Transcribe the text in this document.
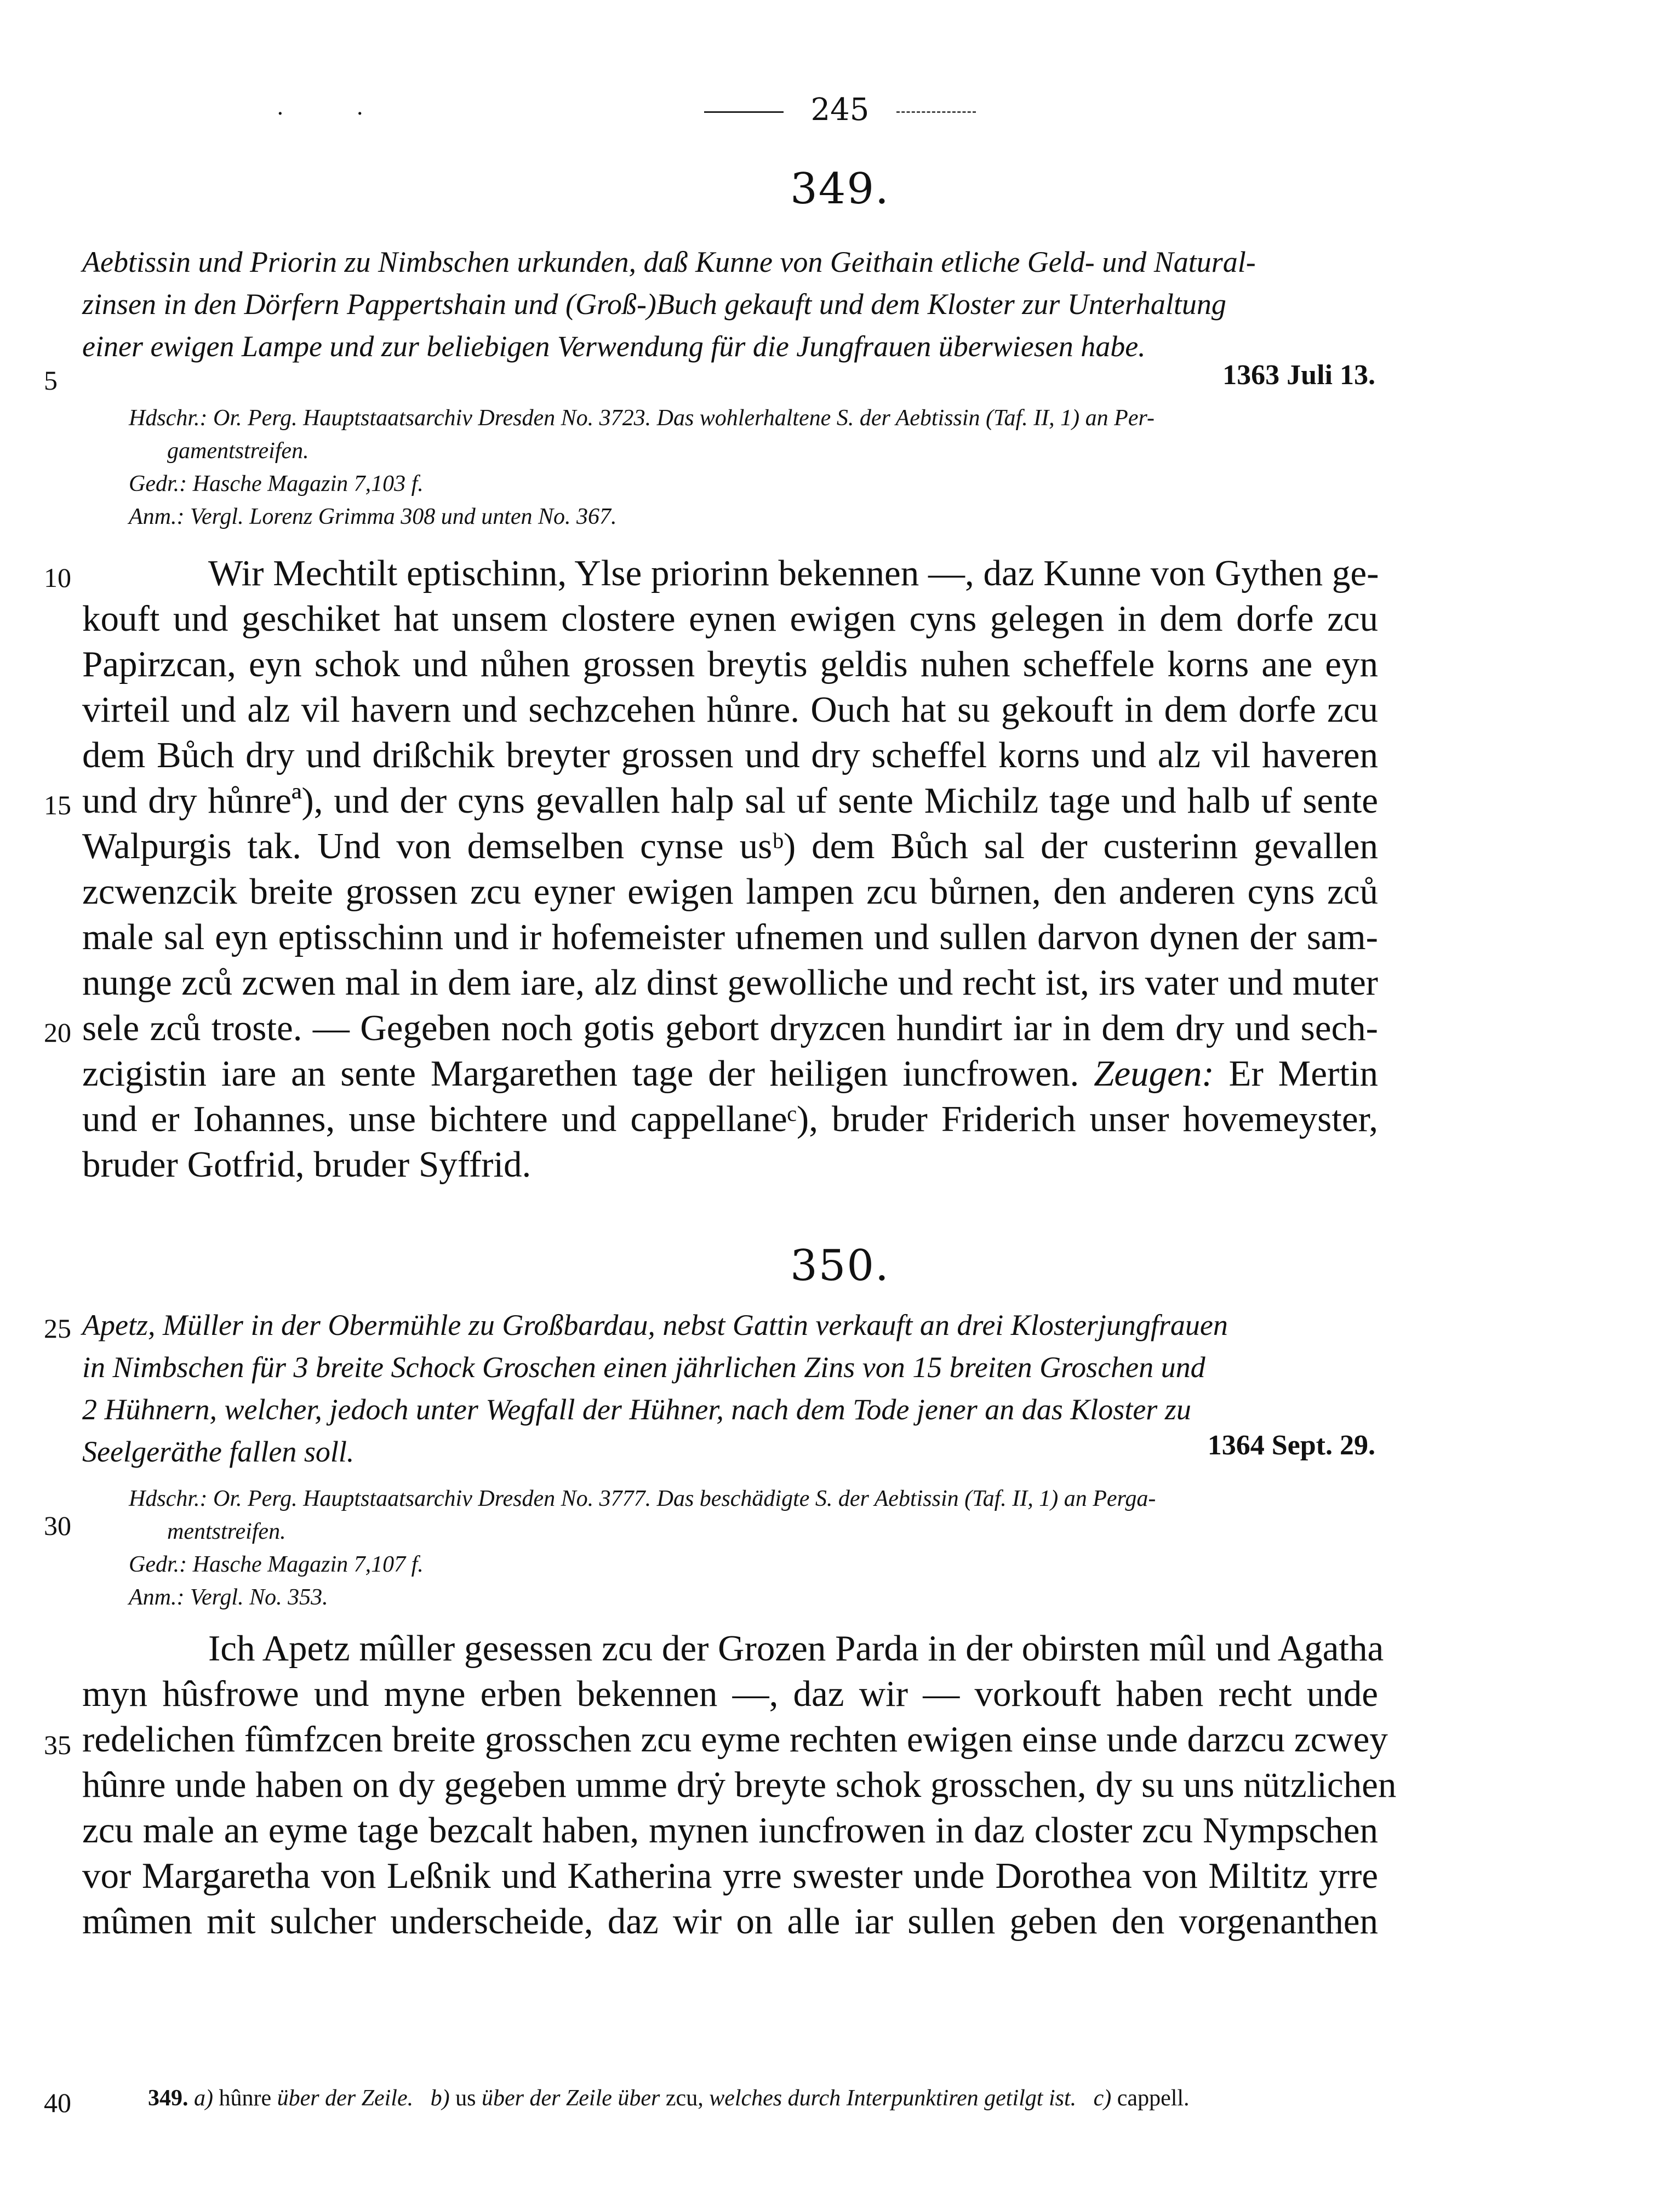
· ·	245
349.
Aebtissin und Priorin zu Nimbschen urkunden, daß Kunne von Geithain etliche Geld- und Natural-
zinsen in den Dörfern Pappertshain und (Groß-)Buch gekauft und dem Kloster zur Unterhaltung
einer ewigen Lampe und zur beliebigen Verwendung für die Jungfrauen überwiesen habe.
1363 Juli 13.
Hdschr.: Or. Perg. Hauptstaatsarchiv Dresden No. 3723. Das wohlerhaltene S. der Aebtissin (Taf. II, 1) an Per-
gamentstreifen.
Gedr.: Hasche Magazin 7,103 f.
Anm.: Vergl. Lorenz Grimma 308 und unten No. 367.
Wir Mechtilt eptischinn, Ylse priorinn bekennen —, daz Kunne von Gythen ge-
kouft und geschiket hat unsem clostere eynen ewigen cyns gelegen in dem dorfe zcu
Papirzcan, eyn schok und nůhen grossen breytis geldis nuhen scheffele korns ane eyn
virteil und alz vil havern und sechzcehen hůnre. Ouch hat su gekouft in dem dorfe zcu
dem Bůch dry und drißchik breyter grossen und dry scheffel korns und alz vil haveren
und dry hůnreª), und der cyns gevallen halp sal uf sente Michilz tage und halb uf sente
Walpurgis tak. Und von demselben cynse usᵇ) dem Bůch sal der custerinn gevallen
zcwenzcik breite grossen zcu eyner ewigen lampen zcu bůrnen, den anderen cyns zců
male sal eyn eptisschinn und ir hofemeister ufnemen und sullen darvon dynen der sam-
nunge zců zcwen mal in dem iare, alz dinst gewolliche und recht ist, irs vater und muter
sele zců troste. — Gegeben noch gotis gebort dryzcen hundirt iar in dem dry und sech-
zcigistin iare an sente Margarethen tage der heiligen iuncfrowen. Zeugen: Er Mertin
und er Iohannes, unse bichtere und cappellaneᶜ), bruder Friderich unser hovemeyster,
bruder Gotfrid, bruder Syffrid.
350.
Apetz, Müller in der Obermühle zu Großbardau, nebst Gattin verkauft an drei Klosterjungfrauen
in Nimbschen für 3 breite Schock Groschen einen jährlichen Zins von 15 breiten Groschen und
2 Hühnern, welcher, jedoch unter Wegfall der Hühner, nach dem Tode jener an das Kloster zu
Seelgeräthe fallen soll.	1364 Sept. 29.
Hdschr.: Or. Perg. Hauptstaatsarchiv Dresden No. 3777. Das beschädigte S. der Aebtissin (Taf. II, 1) an Perga-
mentstreifen.
Gedr.: Hasche Magazin 7,107 f.
Anm.: Vergl. No. 353.
Ich Apetz mûller gesessen zcu der Grozen Parda in der obirsten mûl und Agatha
myn hûsfrowe und myne erben bekennen —, daz wir — vorkouft haben recht unde
redelichen fûmfzcen breite grosschen zcu eyme rechten ewigen einse unde darzcu zcwey
hûnre unde haben on dy gegeben umme drẏ breyte schok grosschen, dy su uns nützlichen
zcu male an eyme tage bezcalt haben, mynen iuncfrowen in daz closter zcu Nympschen
vor Margaretha von Leßnik und Katherina yrre swester unde Dorothea von Miltitz yrre
mûmen mit sulcher underscheide, daz wir on alle iar sullen geben den vorgenanthen
5
10
15
20
25
30
35
40	349. a) hûnre über der Zeile. b) us über der Zeile über zcu, welches durch Interpunktiren getilgt ist. c) cappell.
